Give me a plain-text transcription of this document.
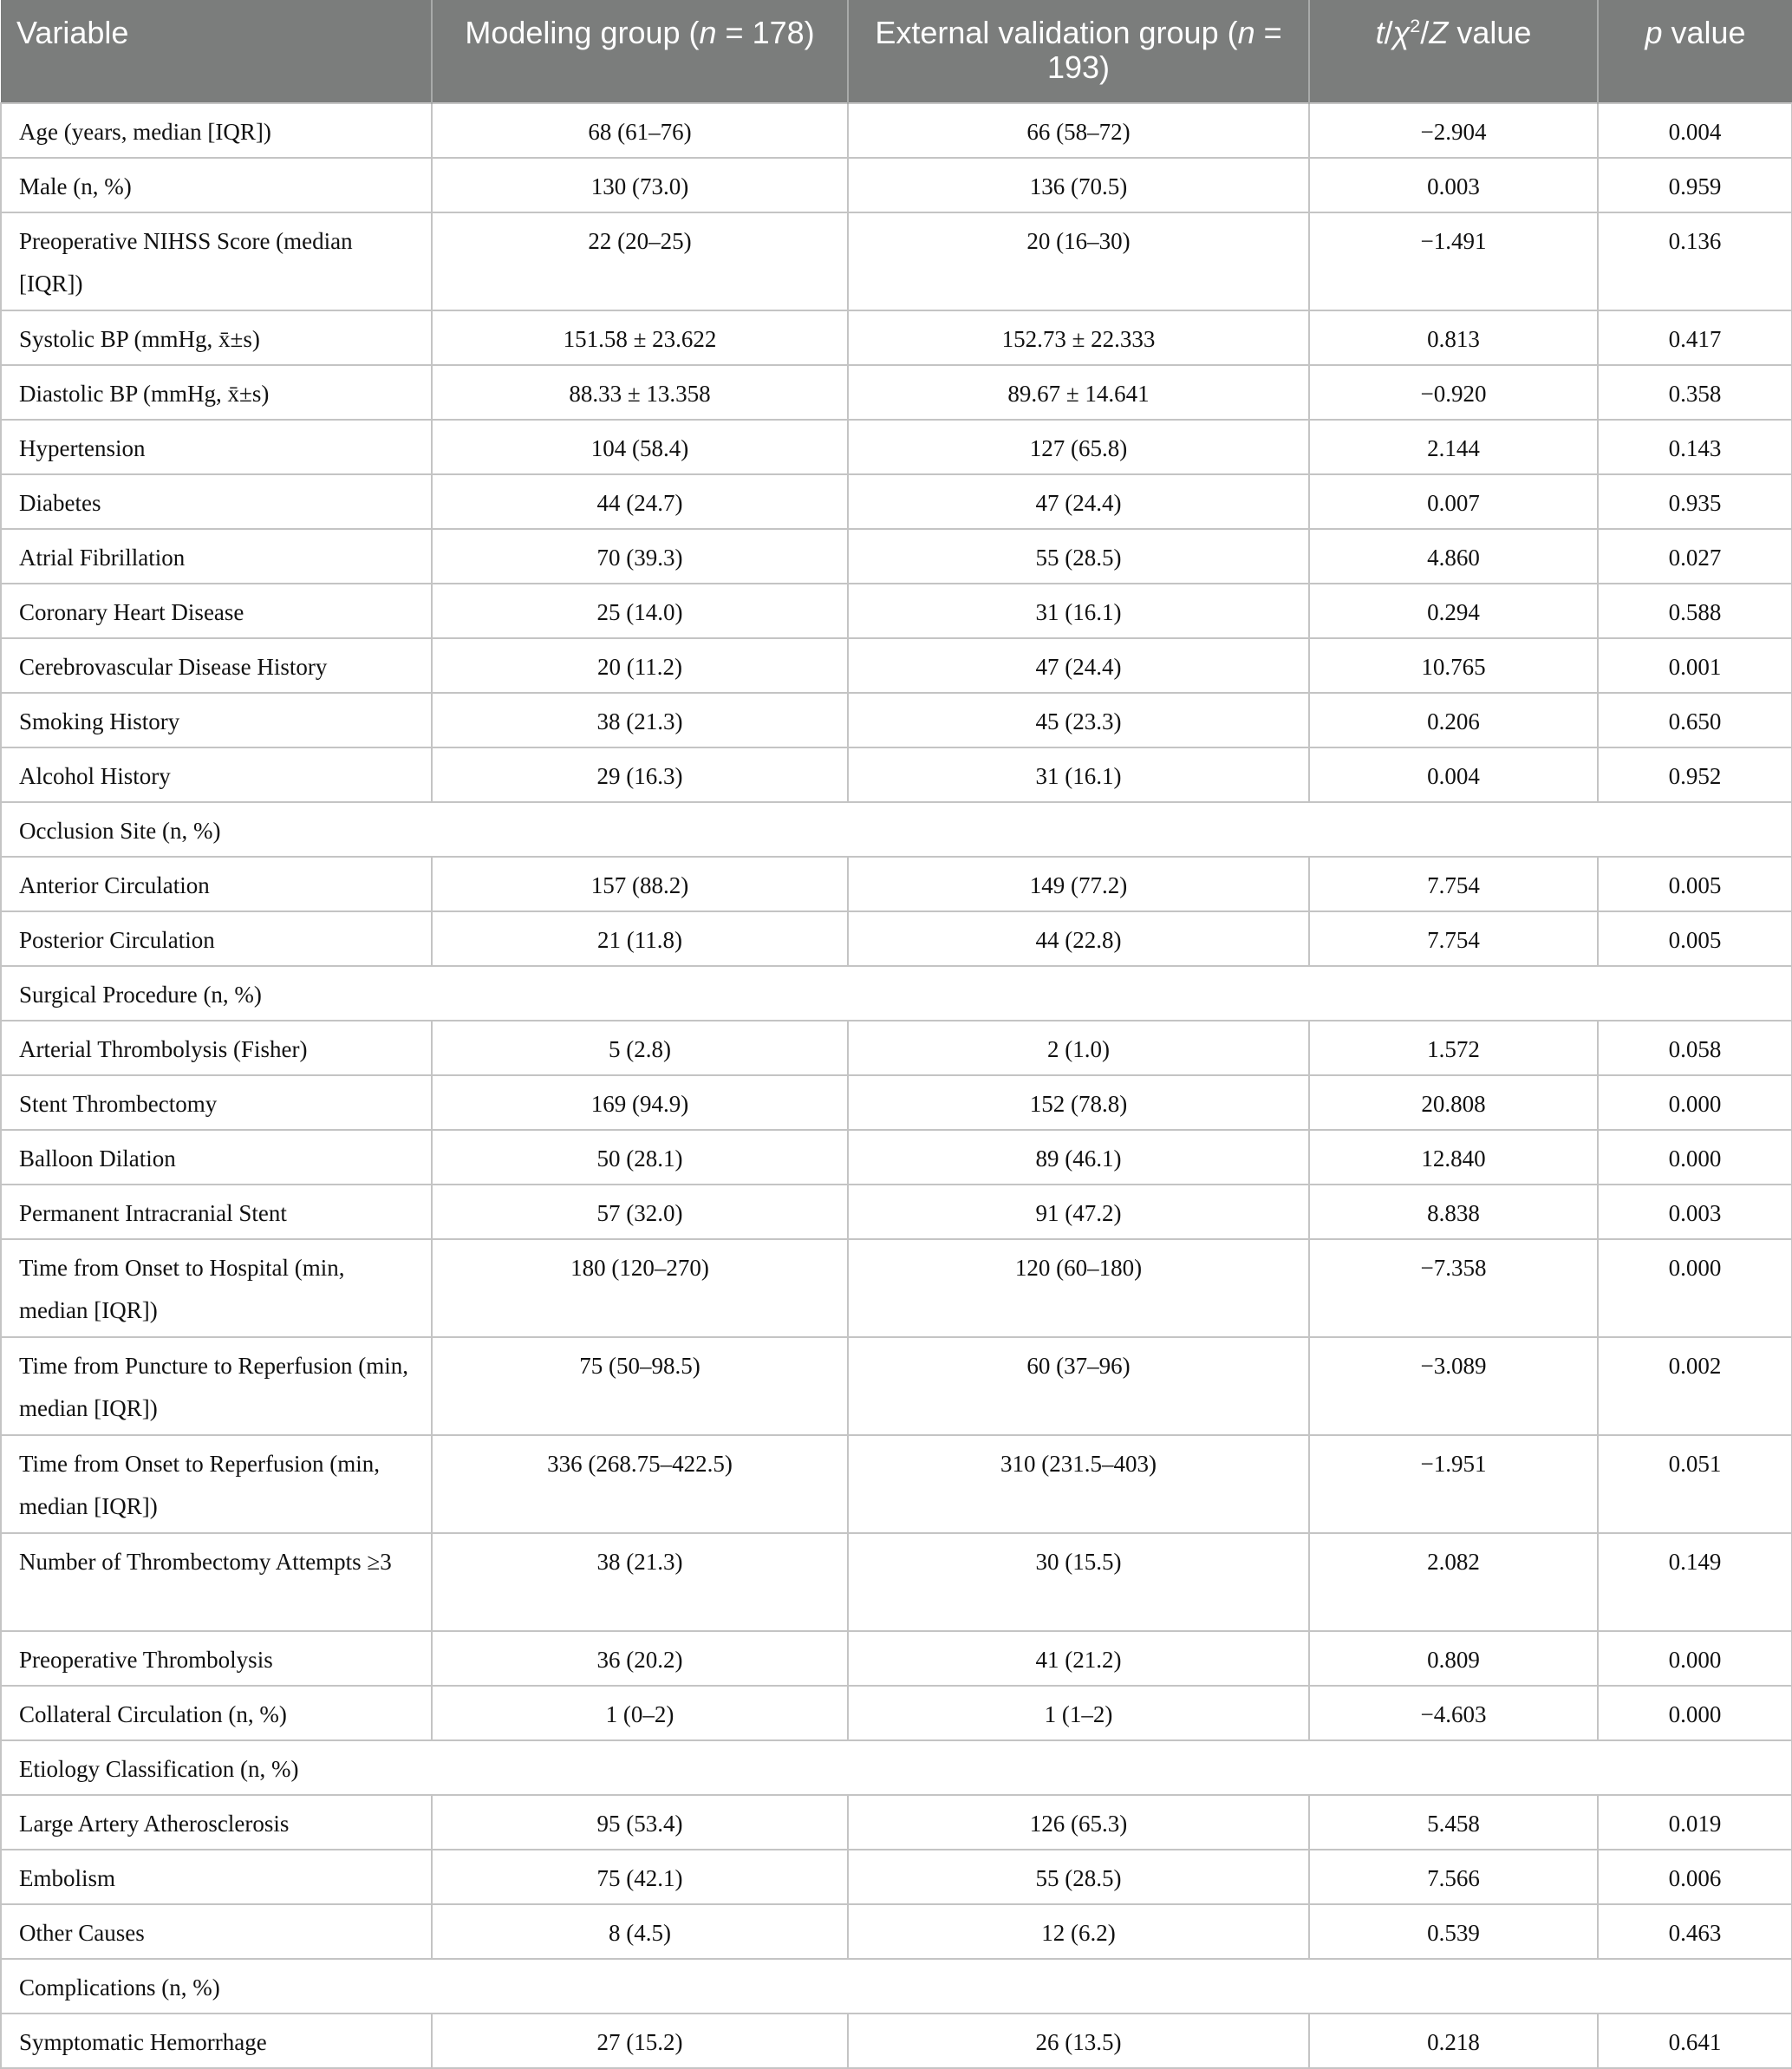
Variable	Modeling group (n = 178)	External validation group (n = 193)	$t/\chi^2/Z$ value	p value
Age (years, median [IQR])	68 (61–76)	66 (58–72)	−2.904	0.004
Male (n, %)	130 (73.0)	136 (70.5)	0.003	0.959
Preoperative NIHSS Score (median [IQR])	22 (20–25)	20 (16–30)	−1.491	0.136
Systolic BP (mmHg, x̄±s)	151.58 ± 23.622	152.73 ± 22.333	0.813	0.417
Diastolic BP (mmHg, x̄±s)	88.33 ± 13.358	89.67 ± 14.641	−0.920	0.358
Hypertension	104 (58.4)	127 (65.8)	2.144	0.143
Diabetes	44 (24.7)	47 (24.4)	0.007	0.935
Atrial Fibrillation	70 (39.3)	55 (28.5)	4.860	0.027
Coronary Heart Disease	25 (14.0)	31 (16.1)	0.294	0.588
Cerebrovascular Disease History	20 (11.2)	47 (24.4)	10.765	0.001
Smoking History	38 (21.3)	45 (23.3)	0.206	0.650
Alcohol History	29 (16.3)	31 (16.1)	0.004	0.952
Occlusion Site (n, %)				
Anterior Circulation	157 (88.2)	149 (77.2)	7.754	0.005
Posterior Circulation	21 (11.8)	44 (22.8)	7.754	0.005
Surgical Procedure (n, %)				
Arterial Thrombolysis (Fisher)	5 (2.8)	2 (1.0)	1.572	0.058
Stent Thrombectomy	169 (94.9)	152 (78.8)	20.808	0.000
Balloon Dilation	50 (28.1)	89 (46.1)	12.840	0.000
Permanent Intracranial Stent	57 (32.0)	91 (47.2)	8.838	0.003
Time from Onset to Hospital (min, median [IQR])	180 (120–270)	120 (60–180)	−7.358	0.000
Time from Puncture to Reperfusion (min, median [IQR])	75 (50–98.5)	60 (37–96)	−3.089	0.002
Time from Onset to Reperfusion (min, median [IQR])	336 (268.75–422.5)	310 (231.5–403)	−1.951	0.051
Number of Thrombectomy Attempts ≥3	38 (21.3)	30 (15.5)	2.082	0.149
Preoperative Thrombolysis	36 (20.2)	41 (21.2)	0.809	0.000
Collateral Circulation (n, %)	1 (0–2)	1 (1–2)	−4.603	0.000
Etiology Classification (n, %)				
Large Artery Atherosclerosis	95 (53.4)	126 (65.3)	5.458	0.019
Embolism	75 (42.1)	55 (28.5)	7.566	0.006
Other Causes	8 (4.5)	12 (6.2)	0.539	0.463
Complications (n, %)				
Symptomatic Hemorrhage	27 (15.2)	26 (13.5)	0.218	0.641
